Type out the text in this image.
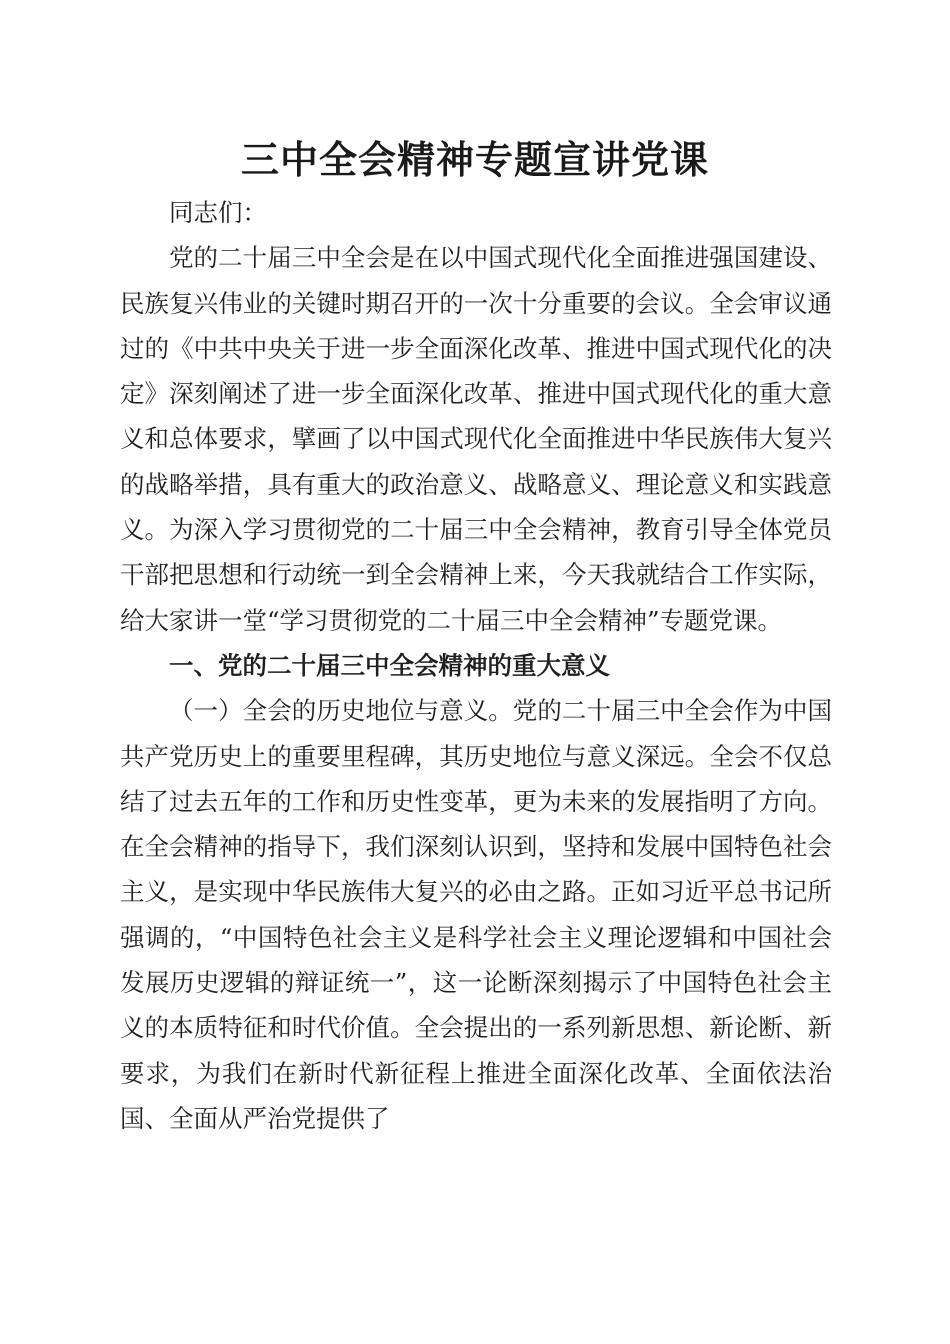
三中全会精神专题宣讲党课

同志们：

党的二十届三中全会是在以中国式现代化全面推进强国建设、民族复兴伟业的关键时期召开的一次十分重要的会议。全会审议通过的《中共中央关于进一步全面深化改革、推进中国式现代化的决定》深刻阐述了进一步全面深化改革、推进中国式现代化的重大意义和总体要求，擘画了以中国式现代化全面推进中华民族伟大复兴的战略举措，具有重大的政治意义、战略意义、理论意义和实践意义。为深入学习贯彻党的二十届三中全会精神，教育引导全体党员干部把思想和行动统一到全会精神上来，今天我就结合工作实际，给大家讲一堂“学习贯彻党的二十届三中全会精神”专题党课。

一、党的二十届三中全会精神的重大意义

（一）全会的历史地位与意义。党的二十届三中全会作为中国共产党历史上的重要里程碑，其历史地位与意义深远。全会不仅总结了过去五年的工作和历史性变革，更为未来的发展指明了方向。在全会精神的指导下，我们深刻认识到，坚持和发展中国特色社会主义，是实现中华民族伟大复兴的必由之路。正如习近平总书记所强调的，“中国特色社会主义是科学社会主义理论逻辑和中国社会发展历史逻辑的辩证统一”，这一论断深刻揭示了中国特色社会主义的本质特征和时代价值。全会提出的一系列新思想、新论断、新要求，为我们在新时代新征程上推进全面深化改革、全面依法治国、全面从严治党提供了
